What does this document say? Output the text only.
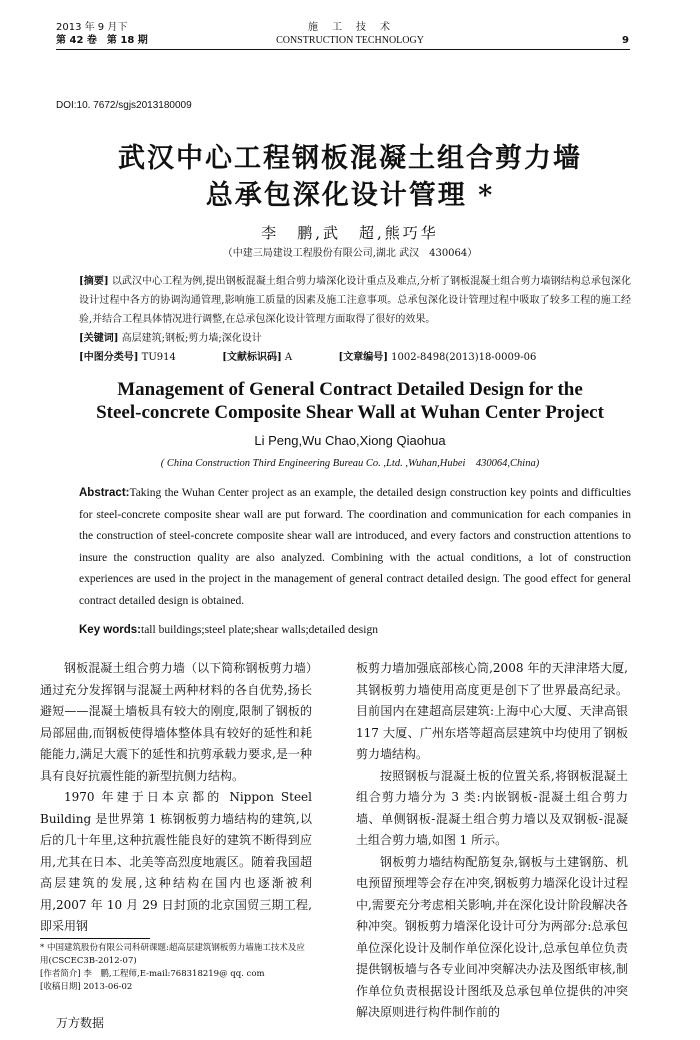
2013 年 9 月下
第 42 卷　第 18 期
施　工　技　术
CONSTRUCTION TECHNOLOGY	9
DOI:10. 7672/sgjs2013180009
武汉中心工程钢板混凝土组合剪力墙
总承包深化设计管理 *
李　鹏,武　超,熊巧华
（中建三局建设工程股份有限公司,湖北 武汉　430064）
[摘要] 以武汉中心工程为例,提出钢板混凝土组合剪力墙深化设计重点及难点,分析了钢板混凝土组合剪力墙钢结构总承包深化设计过程中各方的协调沟通管理,影响施工质量的因素及施工注意事项。总承包深化设计管理过程中吸取了较多工程的施工经验,并结合工程具体情况进行调整,在总承包深化设计管理方面取得了很好的效果。
[关键词] 高层建筑;钢板;剪力墙;深化设计
[中图分类号] TU914	[文献标识码] A	[文章编号] 1002-8498(2013)18-0009-06
Management of General Contract Detailed Design for the
Steel-concrete Composite Shear Wall at Wuhan Center Project
Li Peng,Wu Chao,Xiong Qiaohua
( China Construction Third Engineering Bureau Co. ,Ltd. ,Wuhan,Hubei　430064,China)
Abstract:Taking the Wuhan Center project as an example, the detailed design construction key points and difficulties for steel-concrete composite shear wall are put forward. The coordination and communication for each companies in the construction of steel-concrete composite shear wall are introduced, and every factors and construction attentions to insure the construction quality are also analyzed. Combining with the actual conditions, a lot of construction experiences are used in the project in the management of general contract detailed design. The good effect for general contract detailed design is obtained.
Key words:tall buildings;steel plate;shear walls;detailed design

钢板混凝土组合剪力墙（以下简称钢板剪力墙）通过充分发挥钢与混凝土两种材料的各自优势,扬长避短——混凝土墙板具有较大的刚度,限制了钢板的局部屈曲,而钢板使得墙体整体具有较好的延性和耗能能力,满足大震下的延性和抗剪承载力要求,是一种具有良好抗震性能的新型抗侧力结构。

1970 年建于日本京都的 Nippon Steel Building 是世界第 1 栋钢板剪力墙结构的建筑,以后的几十年里,这种抗震性能良好的建筑不断得到应用,尤其在日本、北美等高烈度地震区。随着我国超高层建筑的发展,这种结构在国内也逐渐被利用,2007 年 10 月 29 日封顶的北京国贸三期工程,即采用钢

板剪力墙加强底部核心筒,2008 年的天津津塔大厦,其钢板剪力墙使用高度更是创下了世界最高纪录。目前国内在建超高层建筑:上海中心大厦、天津高银 117 大厦、广州东塔等超高层建筑中均使用了钢板剪力墙结构。

按照钢板与混凝土板的位置关系,将钢板混凝土组合剪力墙分为 3 类:内嵌钢板-混凝土组合剪力墙、单侧钢板-混凝土组合剪力墙以及双钢板-混凝土组合剪力墙,如图 1 所示。

钢板剪力墙结构配筋复杂,钢板与土建钢筋、机电预留预埋等会存在冲突,钢板剪力墙深化设计过程中,需要充分考虑相关影响,并在深化设计阶段解决各种冲突。钢板剪力墙深化设计可分为两部分:总承包单位深化设计及制作单位深化设计,总承包单位负责提供钢板墙与各专业间冲突解决办法及图纸审核,制作单位负责根据设计图纸及总承包单位提供的冲突解决原则进行构件制作前的

* 中国建筑股份有限公司科研课题:超高层建筑钢板剪力墙施工技术及应用(CSCEC3B-2012-07)
[作者简介] 李　鹏,工程师,E-mail:768318219@ qq. com
[收稿日期] 2013-06-02
万方数据
